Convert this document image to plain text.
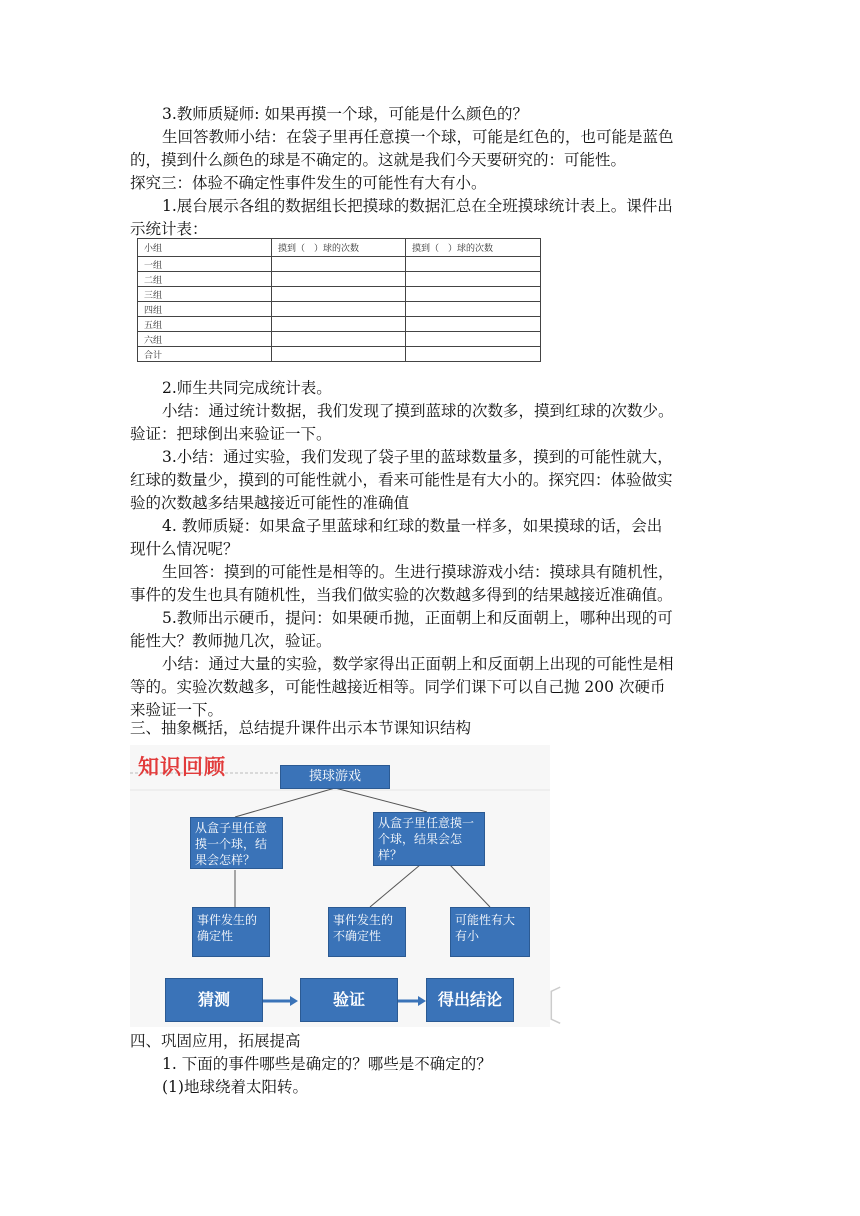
3.教师质疑师: 如果再摸一个球，可能是什么颜色的？

生回答教师小结：在袋子里再任意摸一个球，可能是红色的，也可能是蓝色

的，摸到什么颜色的球是不确定的。这就是我们今天要研究的：可能性。

探究三：体验不确定性事件发生的可能性有大有小。

1.展台展示各组的数据组长把摸球的数据汇总在全班摸球统计表上。课件出

示统计表：

小组	摸到（　）球的次数	摸到（　）球的次数
一组		
二组		
三组		
四组		
五组		
六组		
合计		

2.师生共同完成统计表。

小结：通过统计数据，我们发现了摸到蓝球的次数多，摸到红球的次数少。

验证：把球倒出来验证一下。

3.小结：通过实验，我们发现了袋子里的蓝球数量多，摸到的可能性就大，

红球的数量少，摸到的可能性就小，看来可能性是有大小的。探究四：体验做实

验的次数越多结果越接近可能性的准确值

4. 教师质疑：如果盒子里蓝球和红球的数量一样多，如果摸球的话，会出

现什么情况呢？

生回答：摸到的可能性是相等的。生进行摸球游戏小结：摸球具有随机性，

事件的发生也具有随机性，当我们做实验的次数越多得到的结果越接近准确值。

5.教师出示硬币，提问：如果硬币抛，正面朝上和反面朝上，哪种出现的可

能性大？教师抛几次，验证。

小结：通过大量的实验，数学家得出正面朝上和反面朝上出现的可能性是相

等的。实验次数越多，可能性越接近相等。同学们课下可以自己抛 200 次硬币

来验证一下。

三、抽象概括，总结提升课件出示本节课知识结构

知识回顾	摸球游戏
从盒子里任意摸一个球，结果会怎样？
从盒子里任意摸一个球，结果会怎样？
事件发生的确定性
事件发生的不确定性
可能性有大有小
猜测	验证	得出结论 〔

四、巩固应用，拓展提高

1. 下面的事件哪些是确定的？哪些是不确定的？

(1)地球绕着太阳转。
